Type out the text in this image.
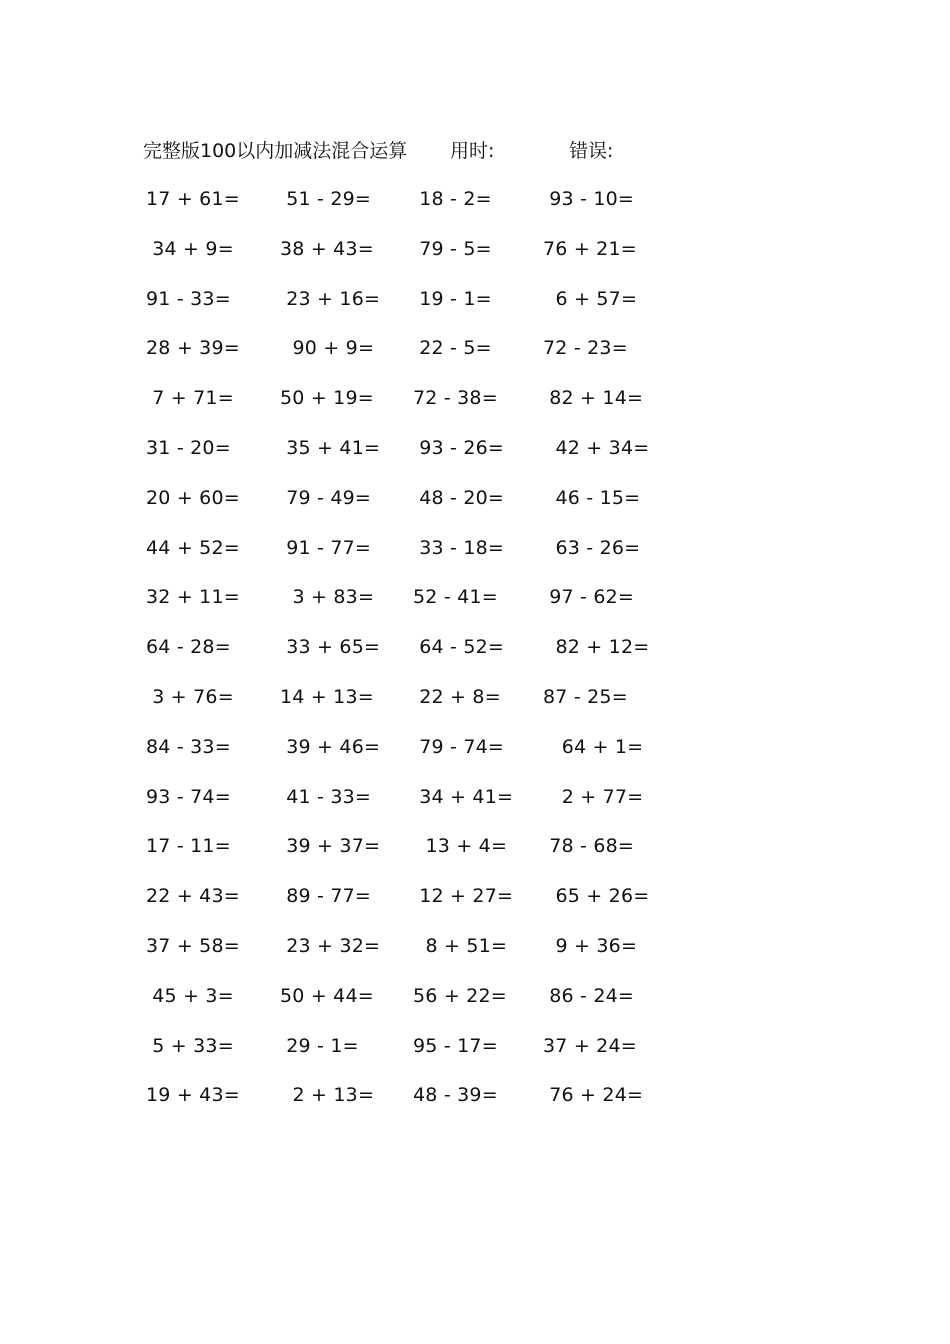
完整版100以内加减法混合运算 用时:	错误:
17 + 61=	51 - 29=	18 - 2=	93 - 10=
34 + 9=	38 + 43=	79 - 5=	76 + 21=
91 - 33=	23 + 16=	19 - 1=	6 + 57=
28 + 39=	90 + 9=	22 - 5=	72 - 23=
7 + 71=	50 + 19=	72 - 38=	82 + 14=
31 - 20=	35 + 41=	93 - 26=	42 + 34=
20 + 60=	79 - 49=	48 - 20=	46 - 15=
44 + 52=	91 - 77=	33 - 18=	63 - 26=
32 + 11=	3 + 83=	52 - 41=	97 - 62=
64 - 28=	33 + 65=	64 - 52=	82 + 12=
3 + 76=	14 + 13=	22 + 8=	87 - 25=
84 - 33=	39 + 46=	79 - 74=	64 + 1=
93 - 74=	41 - 33=	34 + 41=	2 + 77=
17 - 11=	39 + 37=	13 + 4=	78 - 68=
22 + 43=	89 - 77=	12 + 27=	65 + 26=
37 + 58=	23 + 32=	8 + 51=	9 + 36=
45 + 3=	50 + 44=	56 + 22=	86 - 24=
5 + 33=	29 - 1=	95 - 17=	37 + 24=
19 + 43=	2 + 13=	48 - 39=	76 + 24=
